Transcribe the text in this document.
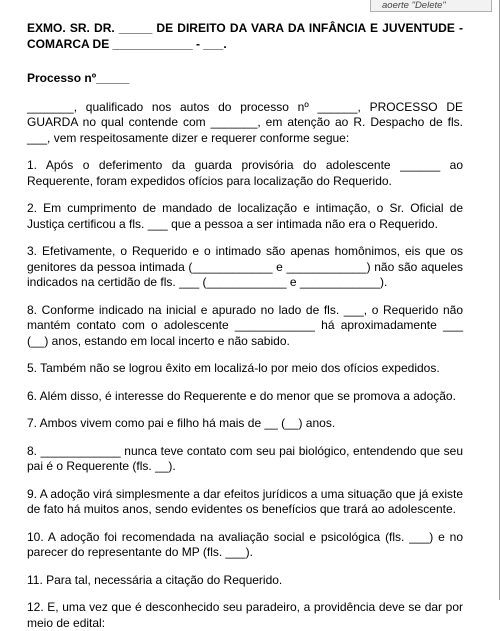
aoerte "Delete"

EXMO. SR. DR. _____ DE DIREITO DA VARA DA INFÂNCIA E JUVENTUDE - COMARCA DE ____________ - ___.

Processo nº_____

_______, qualificado nos autos do processo nº ______, PROCESSO DE GUARDA no qual contende com _______, em atenção ao R. Despacho de fls. ___, vem respeitosamente dizer e requerer conforme segue:

1. Após o deferimento da guarda provisória do adolescente ______ ao Requerente, foram expedidos ofícios para localização do Requerido.

2. Em cumprimento de mandado de localização e intimação, o Sr. Oficial de Justiça certificou a fls. ___ que a pessoa a ser intimada não era o Requerido.

3. Efetivamente, o Requerido e o intimado são apenas homônimos, eis que os genitores da pessoa intimada (____________ e ____________) não são aqueles indicados na certidão de fls. ___ (____________ e ____________).

8. Conforme indicado na inicial e apurado no lado de fls. ___, o Requerido não mantém contato com o adolescente ____________ há aproximadamente ___ (__) anos, estando em local incerto e não sabido.

5. Também não se logrou êxito em localizá-lo por meio dos ofícios expedidos.

6. Além disso, é interesse do Requerente e do menor que se promova a adoção.

7. Ambos vivem como pai e filho há mais de __ (__) anos.

8. ____________ nunca teve contato com seu pai biológico, entendendo que seu pai é o Requerente (fls. __).

9. A adoção virá simplesmente a dar efeitos jurídicos a uma situação que já existe de fato há muitos anos, sendo evidentes os benefícios que trará ao adolescente.

10. A adoção foi recomendada na avaliação social e psicológica (fls. ___) e no parecer do representante do MP (fls. ___).

11. Para tal, necessária a citação do Requerido.

12. E, uma vez que é desconhecido seu paradeiro, a providência deve se dar por meio de edital:
